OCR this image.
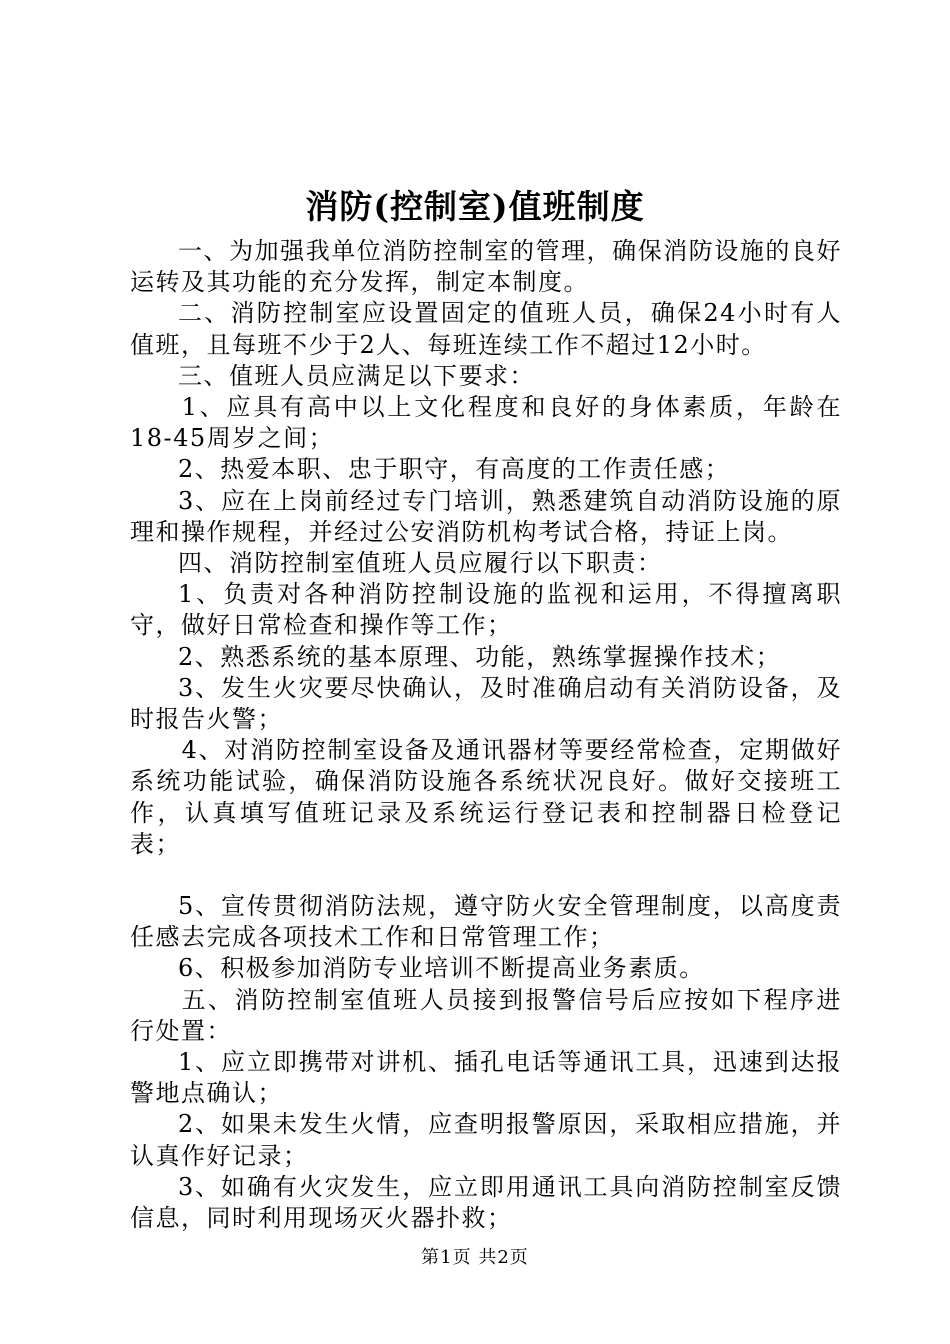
消防(控制室)值班制度

一、为加强我单位消防控制室的管理，确保消防设施的良好运转及其功能的充分发挥，制定本制度。

二、消防控制室应设置固定的值班人员，确保24小时有人值班，且每班不少于2人、每班连续工作不超过12小时。

三、值班人员应满足以下要求：

1、应具有高中以上文化程度和良好的身体素质，年龄在18-45周岁之间；

2、热爱本职、忠于职守，有高度的工作责任感；

3、应在上岗前经过专门培训，熟悉建筑自动消防设施的原理和操作规程，并经过公安消防机构考试合格，持证上岗。

四、消防控制室值班人员应履行以下职责：

1、负责对各种消防控制设施的监视和运用，不得擅离职守，做好日常检查和操作等工作；

2、熟悉系统的基本原理、功能，熟练掌握操作技术；

3、发生火灾要尽快确认，及时准确启动有关消防设备，及时报告火警；

4、对消防控制室设备及通讯器材等要经常检查，定期做好系统功能试验，确保消防设施各系统状况良好。做好交接班工作，认真填写值班记录及系统运行登记表和控制器日检登记表；

5、宣传贯彻消防法规，遵守防火安全管理制度，以高度责任感去完成各项技术工作和日常管理工作；

6、积极参加消防专业培训不断提高业务素质。

五、消防控制室值班人员接到报警信号后应按如下程序进行处置：

1、应立即携带对讲机、插孔电话等通讯工具，迅速到达报警地点确认；

2、如果未发生火情，应查明报警原因，采取相应措施，并认真作好记录；

3、如确有火灾发生，应立即用通讯工具向消防控制室反馈信息，同时利用现场灭火器扑救；

第1页 共2页
